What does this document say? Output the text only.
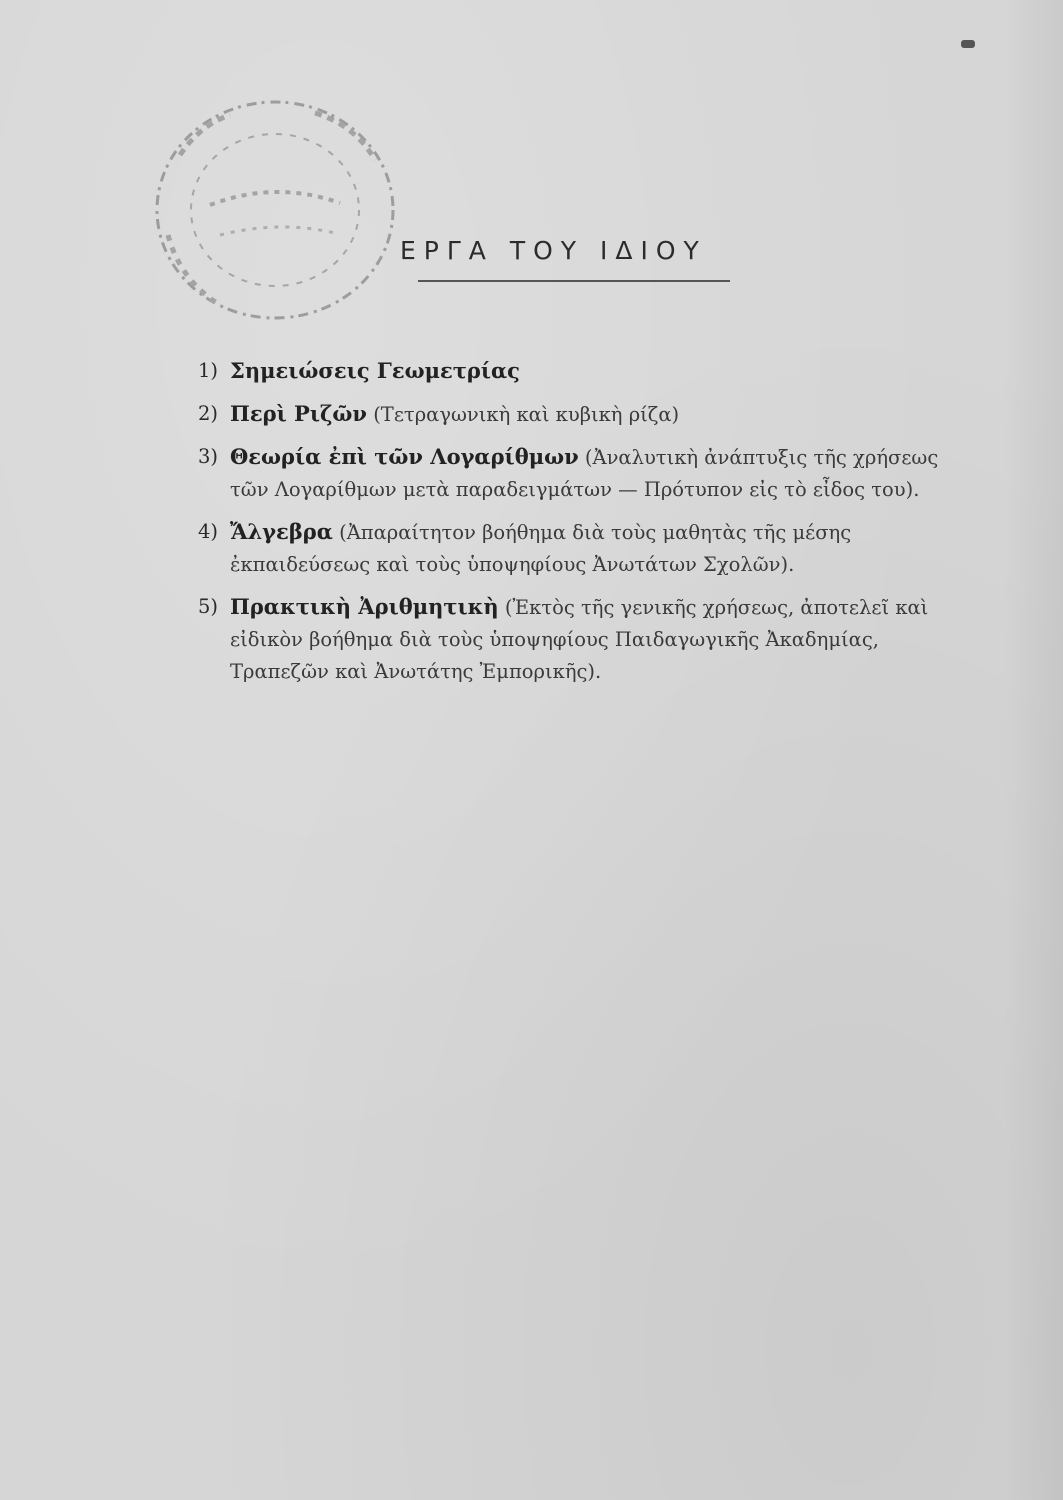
ΕΡΓΑ ΤΟΥ ΙΔΙΟΥ
1) Σημειώσεις Γεωμετρίας
2) Περὶ Ριζῶν (Τετραγωνικὴ καὶ κυβικὴ ρίζα)
3) Θεωρία ἐπὶ τῶν Λογαρίθμων (Ἀναλυτικὴ ἀνάπτυξις τῆς χρήσεως τῶν Λογαρίθμων μετὰ παραδειγμάτων — Πρότυπον εἰς τὸ εἶδος του).
4) Ἄλγεβρα (Ἀπαραίτητον βοήθημα διὰ τοὺς μαθητὰς τῆς μέσης ἐκπαιδεύσεως καὶ τοὺς ὑποψηφίους Ἀνωτάτων Σχολῶν).
5) Πρακτικὴ Ἀριθμητικὴ (Ἐκτὸς τῆς γενικῆς χρήσεως, ἀποτελεῖ καὶ εἰδικὸν βοήθημα διὰ τοὺς ὑποψηφίους Παιδαγωγικῆς Ἀκαδημίας, Τραπεζῶν καὶ Ἀνωτάτης Ἐμπορικῆς).
